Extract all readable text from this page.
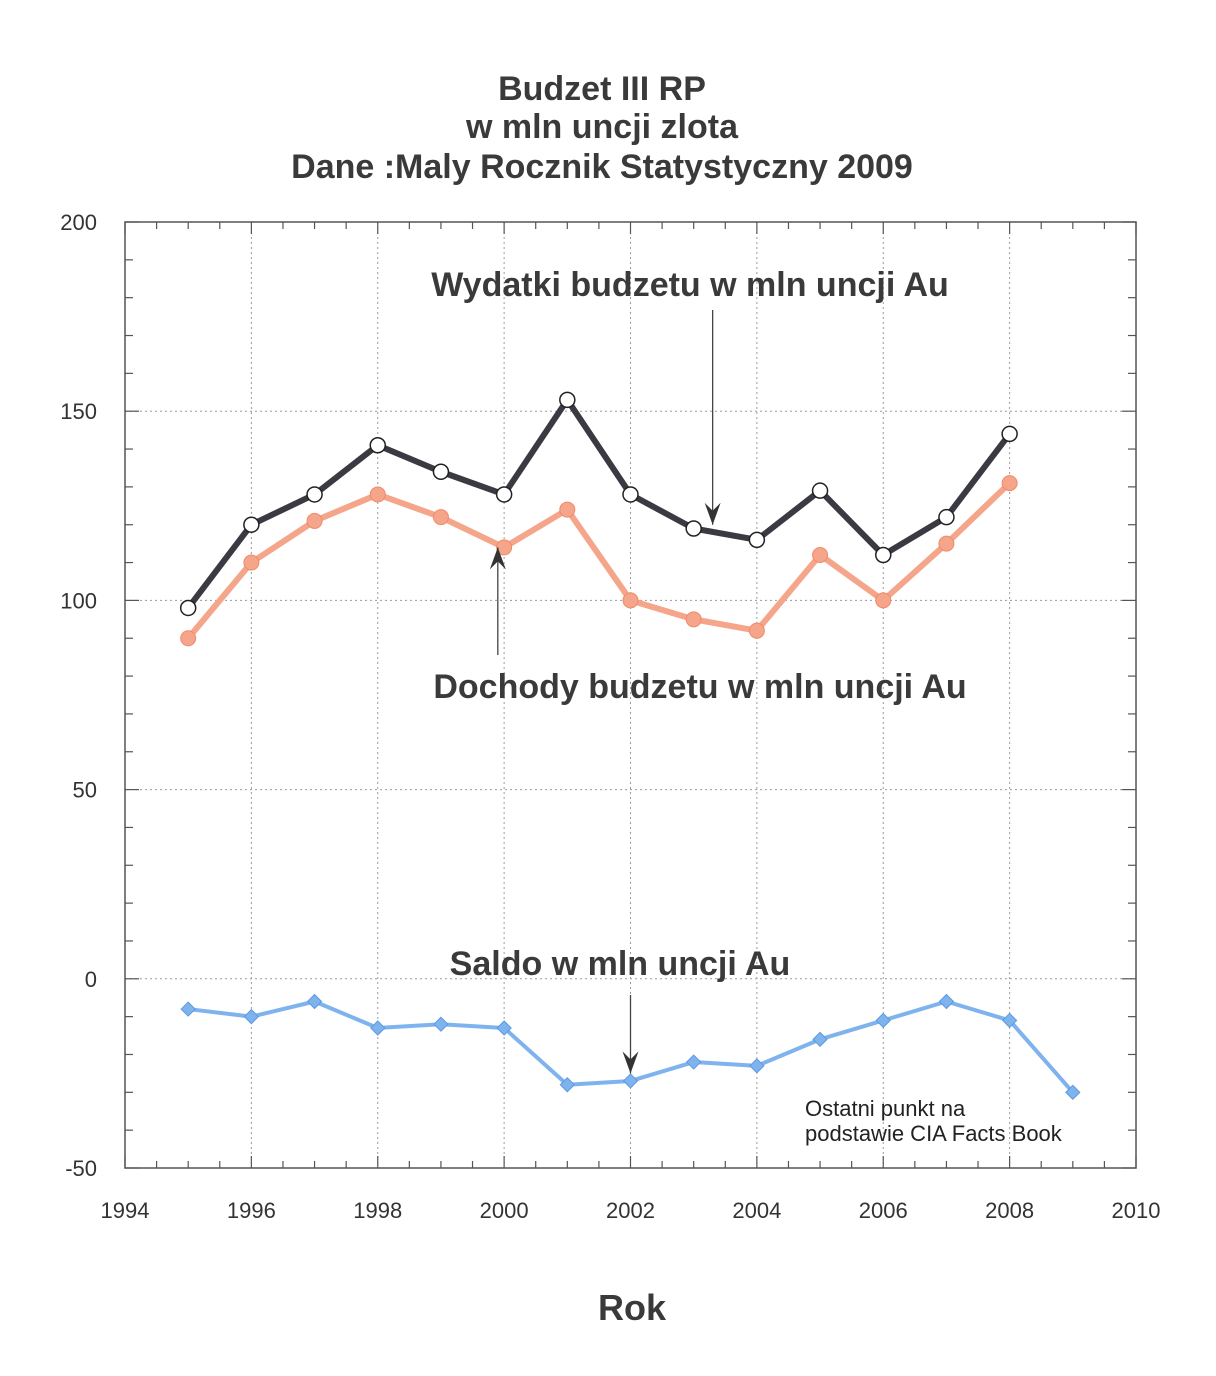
Budzet III RP
w mln uncji zlota
Dane :Maly Rocznik Statystyczny 2009
1994	1996	1998	2000	2002	2004	2006	2008	2010
-50
0
50
100
150
200
Wydatki budzetu w mln uncji Au
Dochody budzetu w mln uncji Au
Saldo w mln uncji Au
Ostatni punkt na
podstawie CIA Facts Book
Rok
